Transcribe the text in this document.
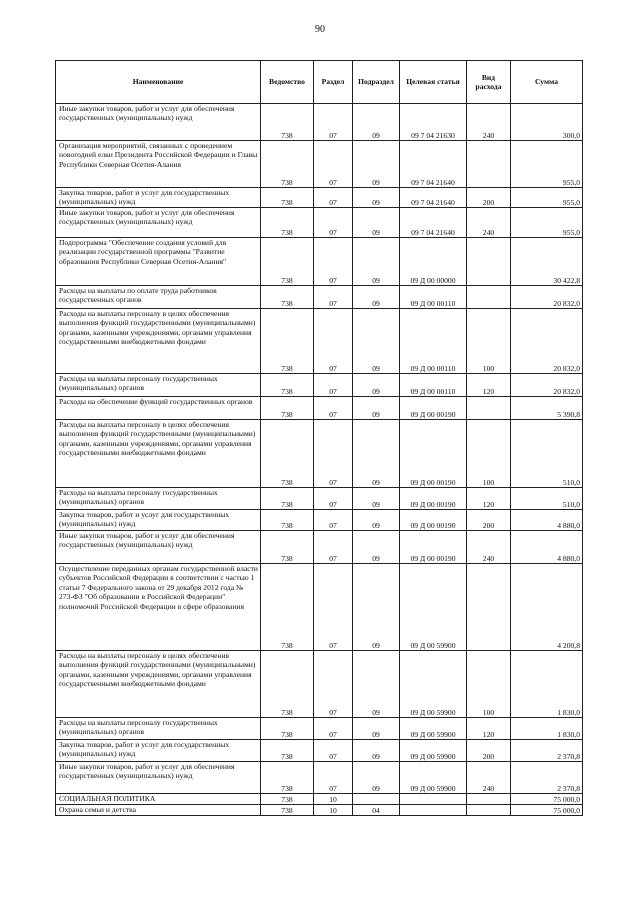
90
Наименование	Ведомство	Раздел	Подраздел	Целевая статья	Вид расхода	Сумма
Иные закупки товаров, работ и услуг для обеспечения государственных (муниципальных) нужд	738	07	09	09 7 04 21630	240	300,0
Организация мероприятий, связанных с проведением новогодней елки Президента Российской Федерации и Главы Республики Северная Осетия-Алания	738	07	09	09 7 04 21640		955,0
Закупка товаров, работ и услуг для государственных (муниципальных) нужд	738	07	09	09 7 04 21640	200	955,0
Иные закупки товаров, работ и услуг для обеспечения государственных (муниципальных) нужд	738	07	09	09 7 04 21640	240	955,0
Подпрограмма "Обеспечение создания условий для реализации государственной программы "Развитие образования Республики Северная Осетия-Алания"	738	07	09	09 Д 00 00000		30 422,8
Расходы на выплаты по оплате труда работников государственных органов	738	07	09	09 Д 00 00110		20 832,0
Расходы на выплаты персоналу в целях обеспечения выполнения функций государственными (муниципальными) органами, казенными учреждениями, органами управления государственными внебюджетными фондами	738	07	09	09 Д 00 00110	100	20 832,0
Расходы на выплаты персоналу государственных (муниципальных) органов	738	07	09	09 Д 00 00110	120	20 832,0
Расходы на обеспечение функций государственных органов	738	07	09	09 Д 00 00190		5 390,8
Расходы на выплаты персоналу в целях обеспечения выполнения функций государственными (муниципальными) органами, казенными учреждениями, органами управления государственными внебюджетными фондами	738	07	09	09 Д 00 00190	100	510,0
Расходы на выплаты персоналу государственных (муниципальных) органов	738	07	09	09 Д 00 00190	120	510,0
Закупка товаров, работ и услуг для государственных (муниципальных) нужд	738	07	09	09 Д 00 00190	200	4 880,0
Иные закупки товаров, работ и услуг для обеспечения государственных (муниципальных) нужд	738	07	09	09 Д 00 00190	240	4 880,0
Осуществление переданных органам государственной власти субъектов Российской Федерации в соответствии с частью 1 статьи 7 Федерального закона от 29 декабря 2012 года № 273-ФЗ "Об образовании в Российской Федерации" полномочий Российской Федерации в сфере образования	738	07	09	09 Д 00 59900		4 200,8
Расходы на выплаты персоналу в целях обеспечения выполнения функций государственными (муниципальными) органами, казенными учреждениями, органами управления государственными внебюджетными фондами	738	07	09	09 Д 00 59900	100	1 830,0
Расходы на выплаты персоналу государственных (муниципальных) органов	738	07	09	09 Д 00 59900	120	1 830,0
Закупка товаров, работ и услуг для государственных (муниципальных) нужд	738	07	09	09 Д 00 59900	200	2 370,8
Иные закупки товаров, работ и услуг для обеспечения государственных (муниципальных) нужд	738	07	09	09 Д 00 59900	240	2 370,8
СОЦИАЛЬНАЯ ПОЛИТИКА	738	10				75 000,0
Охрана семьи и детства	738	10	04			75 000,0
